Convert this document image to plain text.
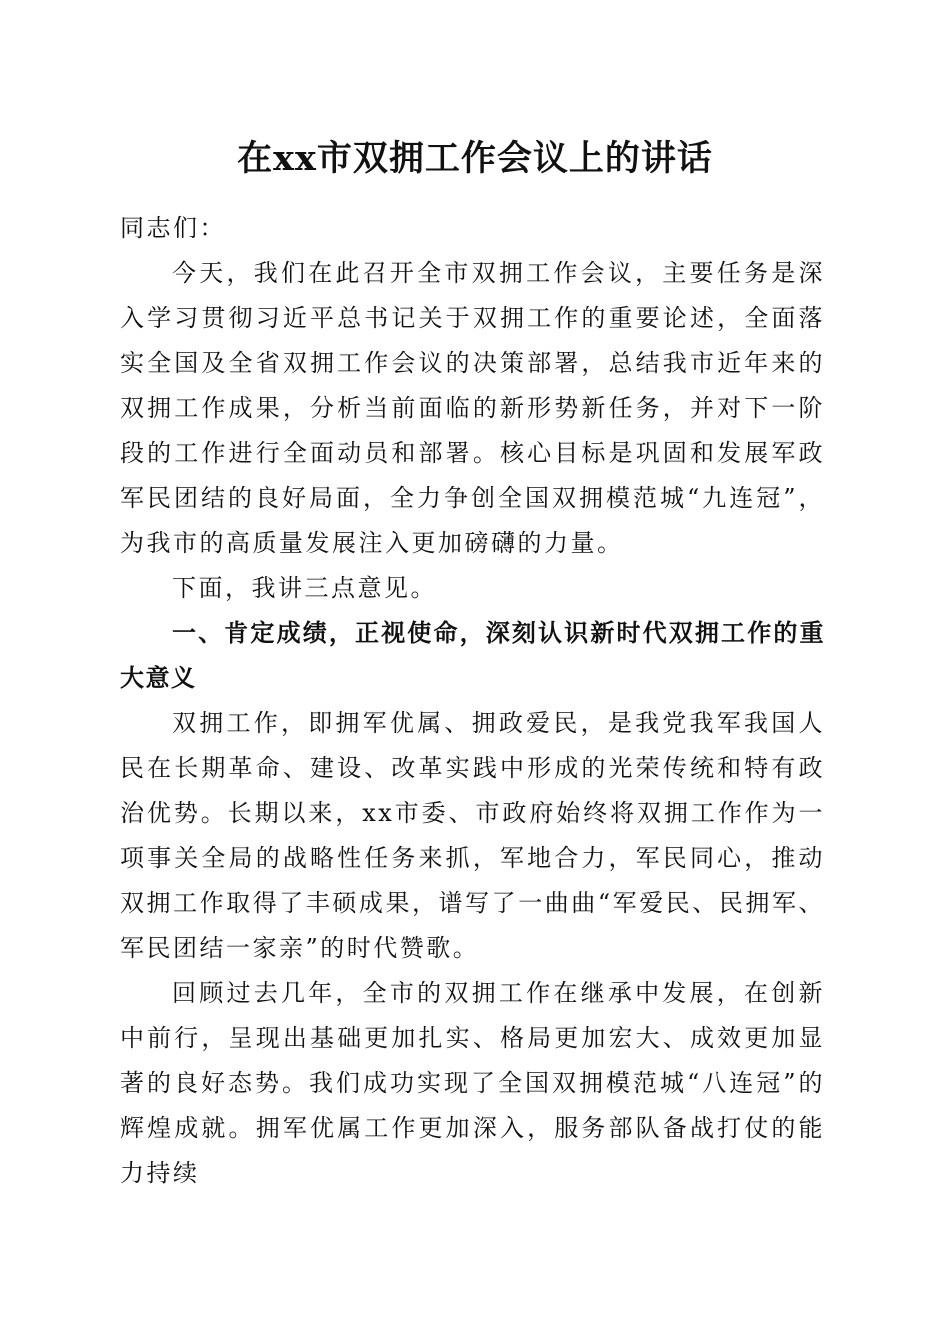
在xx市双拥工作会议上的讲话

同志们：

今天，我们在此召开全市双拥工作会议，主要任务是深入学习贯彻习近平总书记关于双拥工作的重要论述，全面落实全国及全省双拥工作会议的决策部署，总结我市近年来的双拥工作成果，分析当前面临的新形势新任务，并对下一阶段的工作进行全面动员和部署。核心目标是巩固和发展军政军民团结的良好局面，全力争创全国双拥模范城“九连冠”，为我市的高质量发展注入更加磅礴的力量。

下面，我讲三点意见。

一、肯定成绩，正视使命，深刻认识新时代双拥工作的重大意义

双拥工作，即拥军优属、拥政爱民，是我党我军我国人民在长期革命、建设、改革实践中形成的光荣传统和特有政治优势。长期以来，xx市委、市政府始终将双拥工作作为一项事关全局的战略性任务来抓，军地合力，军民同心，推动双拥工作取得了丰硕成果，谱写了一曲曲“军爱民、民拥军、军民团结一家亲”的时代赞歌。

回顾过去几年，全市的双拥工作在继承中发展，在创新中前行，呈现出基础更加扎实、格局更加宏大、成效更加显著的良好态势。我们成功实现了全国双拥模范城“八连冠”的辉煌成就。拥军优属工作更加深入，服务部队备战打仗的能力持续
